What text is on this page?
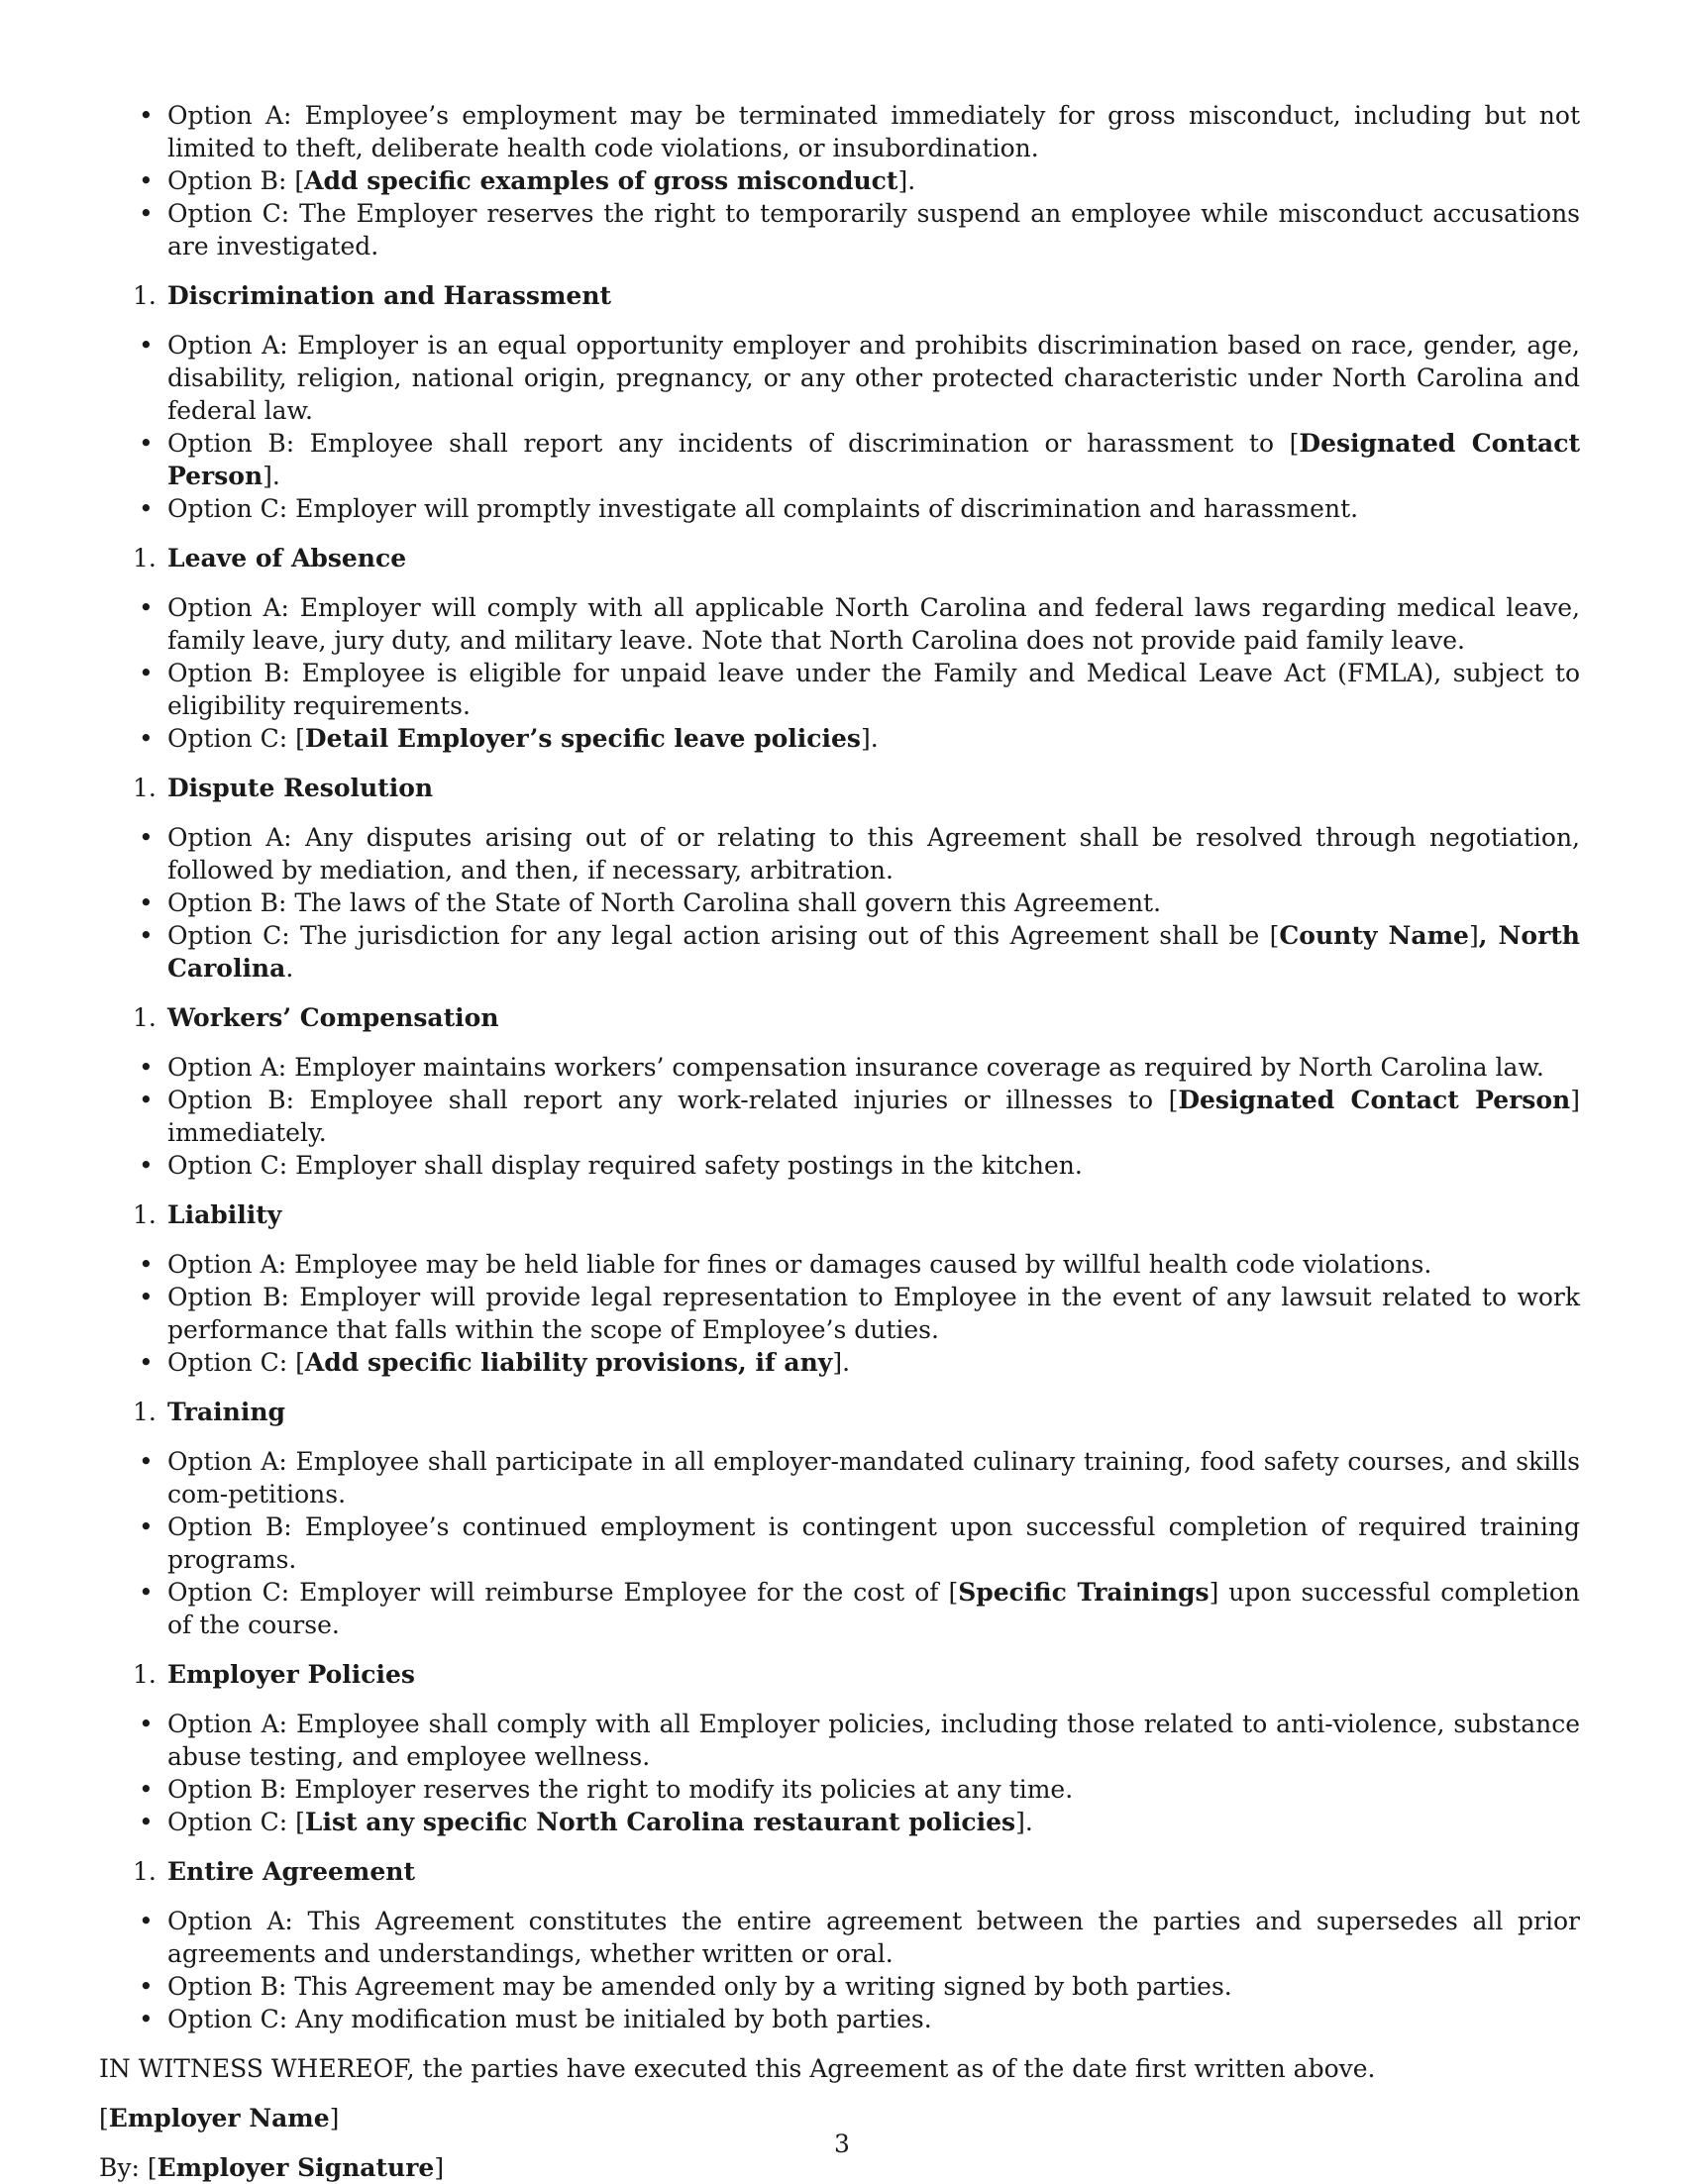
• Option A: Employee’s employment may be terminated immediately for gross misconduct, including but not limited to theft, deliberate health code violations, or insubordination.
• Option B: [Add specific examples of gross misconduct].
• Option C: The Employer reserves the right to temporarily suspend an employee while misconduct accusations are investigated.
1. Discrimination and Harassment
• Option A: Employer is an equal opportunity employer and prohibits discrimination based on race, gender, age, disability, religion, national origin, pregnancy, or any other protected characteristic under North Carolina and federal law.
• Option B: Employee shall report any incidents of discrimination or harassment to [Designated Contact Person].
• Option C: Employer will promptly investigate all complaints of discrimination and harassment.
1. Leave of Absence
• Option A: Employer will comply with all applicable North Carolina and federal laws regarding medical leave, family leave, jury duty, and military leave. Note that North Carolina does not provide paid family leave.
• Option B: Employee is eligible for unpaid leave under the Family and Medical Leave Act (FMLA), subject to eligibility requirements.
• Option C: [Detail Employer’s specific leave policies].
1. Dispute Resolution
• Option A: Any disputes arising out of or relating to this Agreement shall be resolved through negotiation, followed by mediation, and then, if necessary, arbitration.
• Option B: The laws of the State of North Carolina shall govern this Agreement.
• Option C: The jurisdiction for any legal action arising out of this Agreement shall be [County Name], North Carolina.
1. Workers’ Compensation
• Option A: Employer maintains workers’ compensation insurance coverage as required by North Carolina law.
• Option B: Employee shall report any work-related injuries or illnesses to [Designated Contact Person] immediately.
• Option C: Employer shall display required safety postings in the kitchen.
1. Liability
• Option A: Employee may be held liable for fines or damages caused by willful health code violations.
• Option B: Employer will provide legal representation to Employee in the event of any lawsuit related to work performance that falls within the scope of Employee’s duties.
• Option C: [Add specific liability provisions, if any].
1. Training
• Option A: Employee shall participate in all employer-mandated culinary training, food safety courses, and skills com-petitions.
• Option B: Employee’s continued employment is contingent upon successful completion of required training programs.
• Option C: Employer will reimburse Employee for the cost of [Specific Trainings] upon successful completion of the course.
1. Employer Policies
• Option A: Employee shall comply with all Employer policies, including those related to anti-violence, substance abuse testing, and employee wellness.
• Option B: Employer reserves the right to modify its policies at any time.
• Option C: [List any specific North Carolina restaurant policies].
1. Entire Agreement
• Option A: This Agreement constitutes the entire agreement between the parties and supersedes all prior agreements and understandings, whether written or oral.
• Option B: This Agreement may be amended only by a writing signed by both parties.
• Option C: Any modification must be initialed by both parties.

IN WITNESS WHEREOF, the parties have executed this Agreement as of the date first written above.

[Employer Name]

By: [Employer Signature]

3
